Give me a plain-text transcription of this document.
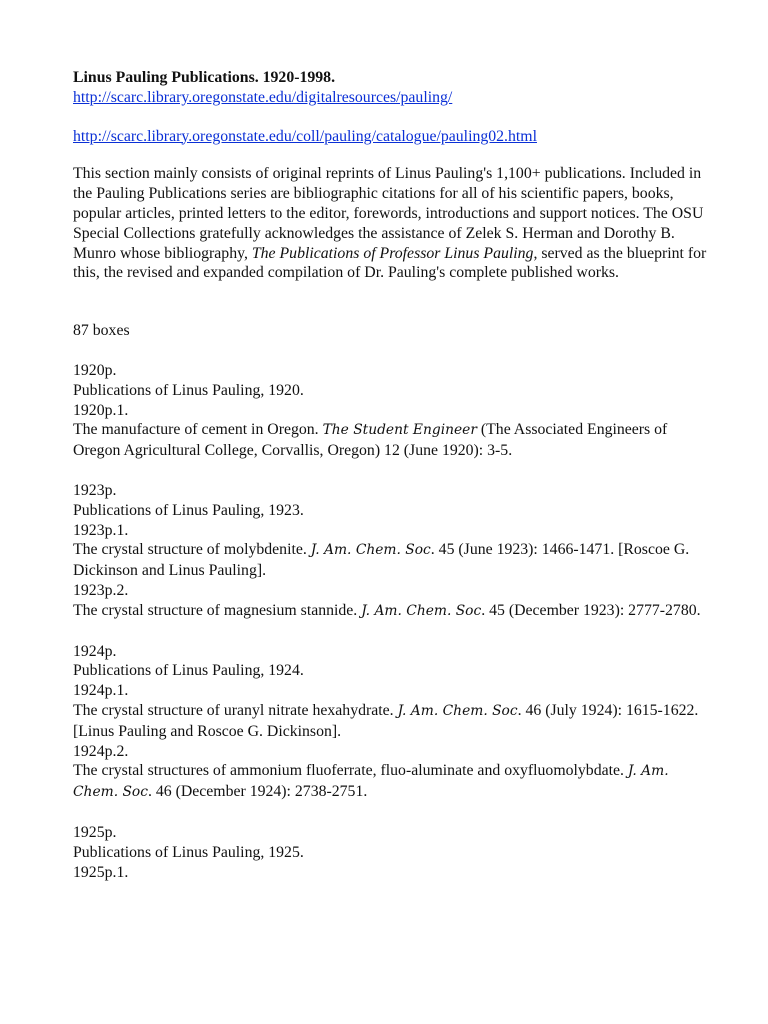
Linus Pauling Publications. 1920-1998.

http://scarc.library.oregonstate.edu/digitalresources/pauling/
http://scarc.library.oregonstate.edu/coll/pauling/catalogue/pauling02.html

This section mainly consists of original reprints of Linus Pauling's 1,100+ publications. Included in the Pauling Publications series are bibliographic citations for all of his scientific papers, books, popular articles, printed letters to the editor, forewords, introductions and support notices. The OSU Special Collections gratefully acknowledges the assistance of Zelek S. Herman and Dorothy B. Munro whose bibliography, The Publications of Professor Linus Pauling, served as the blueprint for this, the revised and expanded compilation of Dr. Pauling's complete published works.

87 boxes

1920p.
Publications of Linus Pauling, 1920.
1920p.1.
The manufacture of cement in Oregon. The Student Engineer (The Associated Engineers of Oregon Agricultural College, Corvallis, Oregon) 12 (June 1920): 3-5.
1923p.
Publications of Linus Pauling, 1923.
1923p.1.
The crystal structure of molybdenite. J. Am. Chem. Soc. 45 (June 1923): 1466-1471. [Roscoe G. Dickinson and Linus Pauling].
1923p.2.
The crystal structure of magnesium stannide. J. Am. Chem. Soc. 45 (December 1923): 2777-2780.
1924p.
Publications of Linus Pauling, 1924.
1924p.1.
The crystal structure of uranyl nitrate hexahydrate. J. Am. Chem. Soc. 46 (July 1924): 1615-1622. [Linus Pauling and Roscoe G. Dickinson].
1924p.2.
The crystal structures of ammonium fluoferrate, fluo-aluminate and oxyfluomolybdate. J. Am. Chem. Soc. 46 (December 1924): 2738-2751.
1925p.
Publications of Linus Pauling, 1925.
1925p.1.
